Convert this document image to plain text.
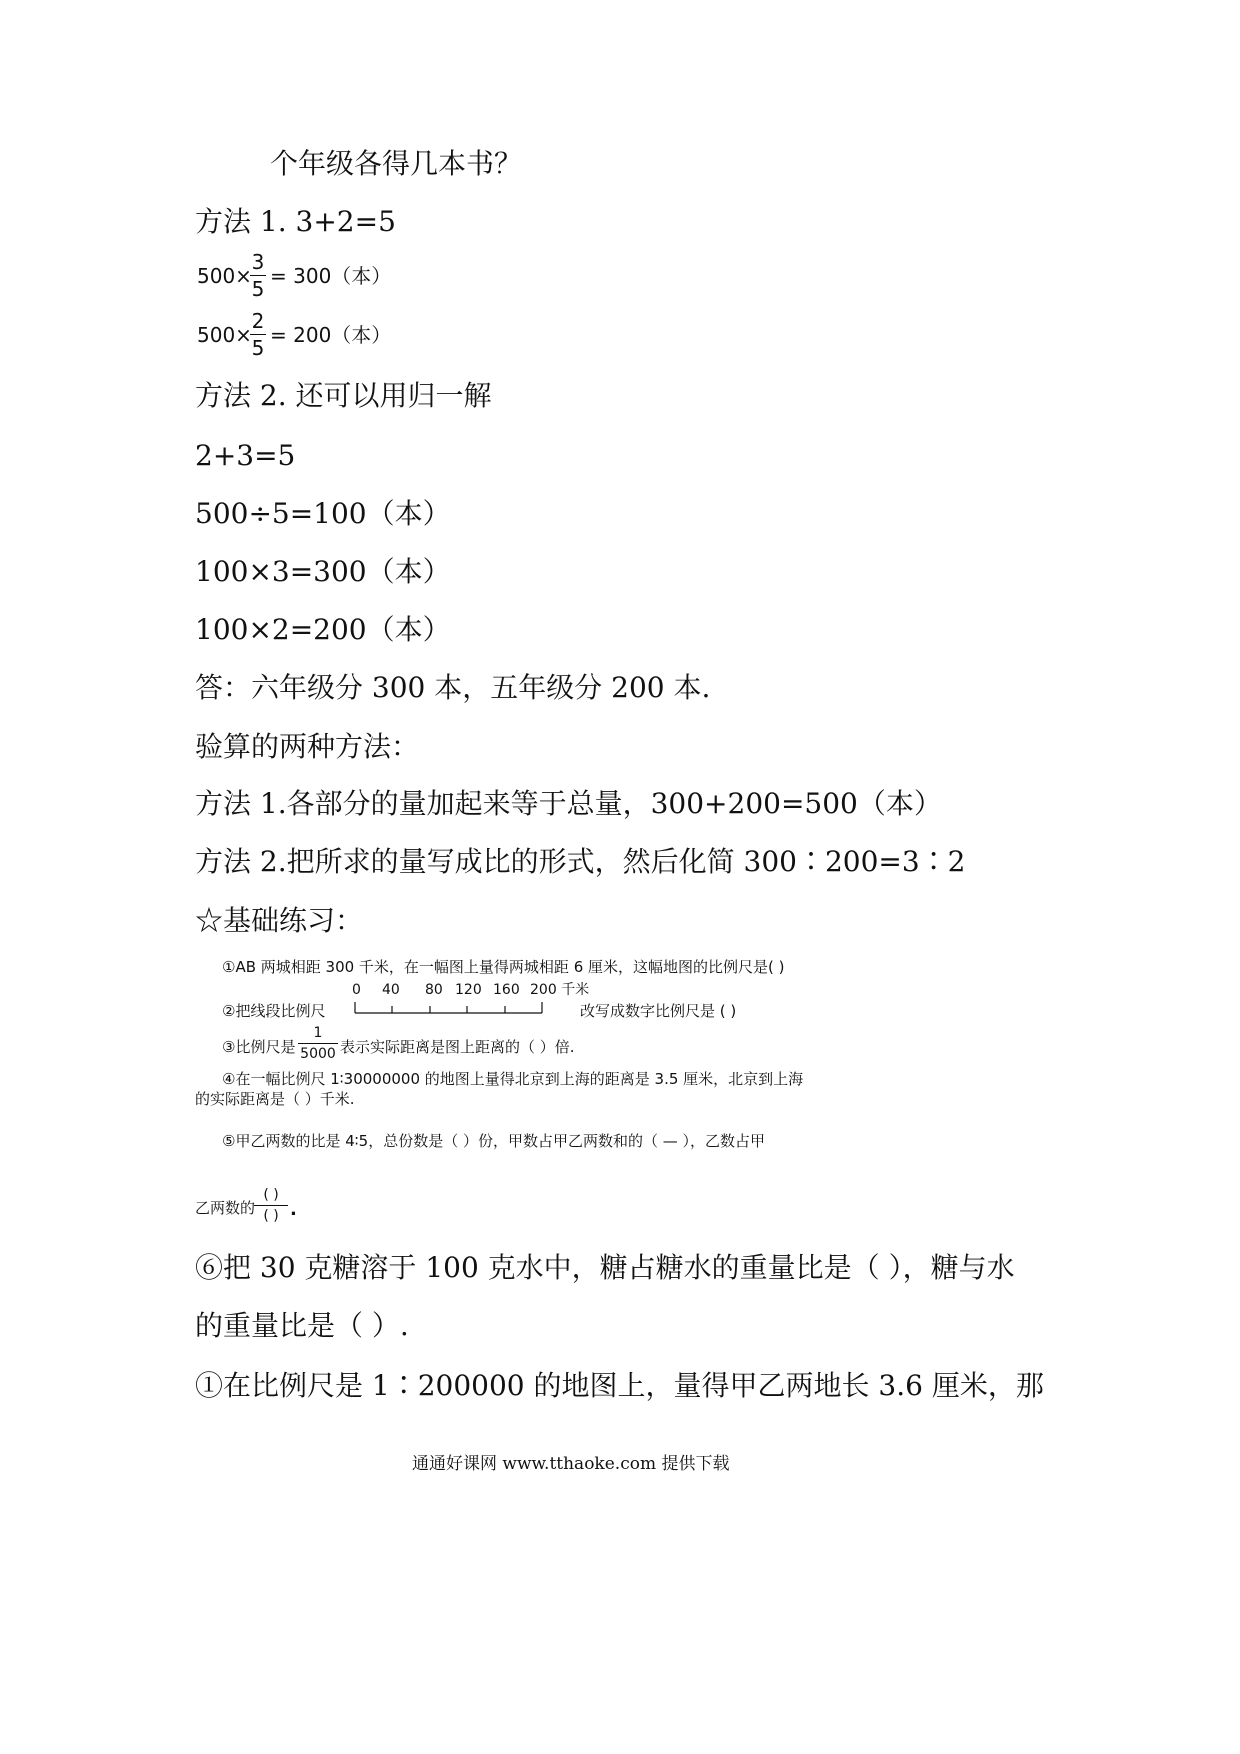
个年级各得几本书？
方法 1. 3+2=5
500×
3
5
= 300（本）
500×
2
5
= 200（本）
方法 2. 还可以用归一解
2+3=5
500÷5=100（本）
100×3=300（本）
100×2=200（本）
答：六年级分 300 本，五年级分 200 本.
验算的两种方法：
方法 1.各部分的量加起来等于总量，300+200=500（本）
方法 2.把所求的量写成比的形式，然后化简 300∶200=3∶2
☆基础练习：
①AB 两城相距 300 千米，在一幅图上量得两城相距 6 厘米，这幅地图的比例尺是( )
②把线段比例尺
0 40 80 120 160 200 千米
改写成数字比例尺是 ( )
③比例尺是
1
5000 表示实际距离是图上距离的（ ）倍.
④在一幅比例尺 1∶30000000 的地图上量得北京到上海的距离是 3.5 厘米，北京到上海
的实际距离是（ ）千米.
⑤甲乙两数的比是 4∶5，总份数是（ ）份，甲数占甲乙两数和的（ — ），乙数占甲
乙两数的
( )
( ) .
⑥把 30 克糖溶于 100 克水中，糖占糖水的重量比是（ ），糖与水
的重量比是（ ）.
①在比例尺是 1∶200000 的地图上，量得甲乙两地长 3.6 厘米，那
通通好课网 www.tthaoke.com 提供下载
